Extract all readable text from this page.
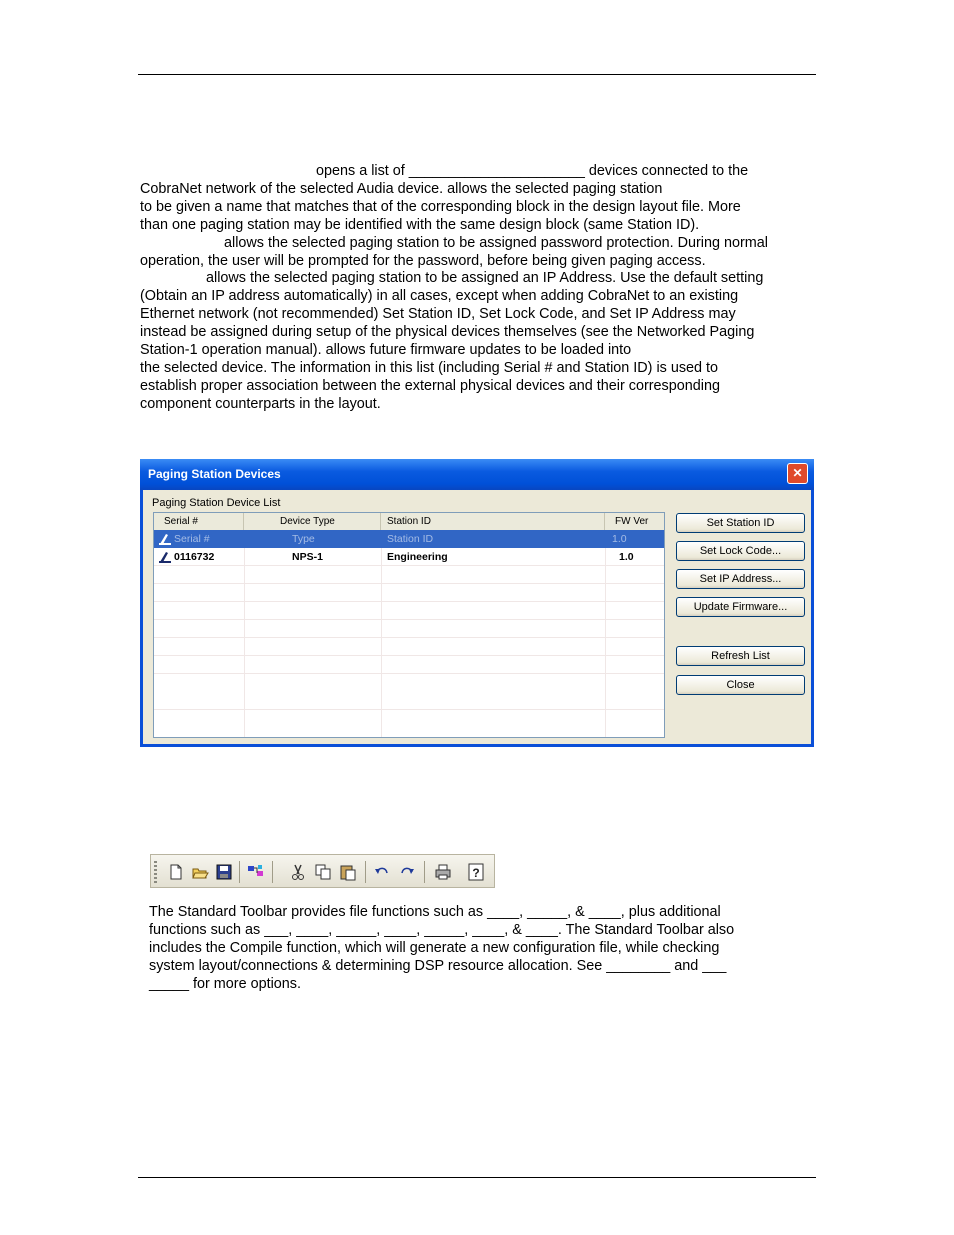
opens a list of ______________________ devices connected to the

CobraNet network of the selected Audia device. allows the selected paging station

to be given a name that matches that of the corresponding block in the design layout file. More

than one paging station may be identified with the same design block (same Station ID).

allows the selected paging station to be assigned password protection. During normal

operation, the user will be prompted for the password, before being given paging access.

allows the selected paging station to be assigned an IP Address. Use the default setting

(Obtain an IP address automatically) in all cases, except when adding CobraNet to an existing

Ethernet network (not recommended) Set Station ID, Set Lock Code, and Set IP Address may

instead be assigned during setup of the physical devices themselves (see the Networked Paging

Station-1 operation manual). allows future firmware updates to be loaded into

the selected device. The information in this list (including Serial # and Station ID) is used to

establish proper association between the external physical devices and their corresponding

component counterparts in the layout.

Paging Station Devices	✕
Paging Station Device List
Serial #	Device Type	Station ID	FW Ver
Serial #	Type	Station ID	1.0
0116732	NPS-1	Engineering	1.0
Set Station ID
Set Lock Code...
Set IP Address...
Update Firmware...
Refresh List
Close
?

The Standard Toolbar provides file functions such as ____, _____, & ____, plus additional

functions such as ___, ____, _____, ____, _____, ____, & ____. The Standard Toolbar also

includes the Compile function, which will generate a new configuration file, while checking

system layout/connections & determining DSP resource allocation. See ________ and ___

_____ for more options.
